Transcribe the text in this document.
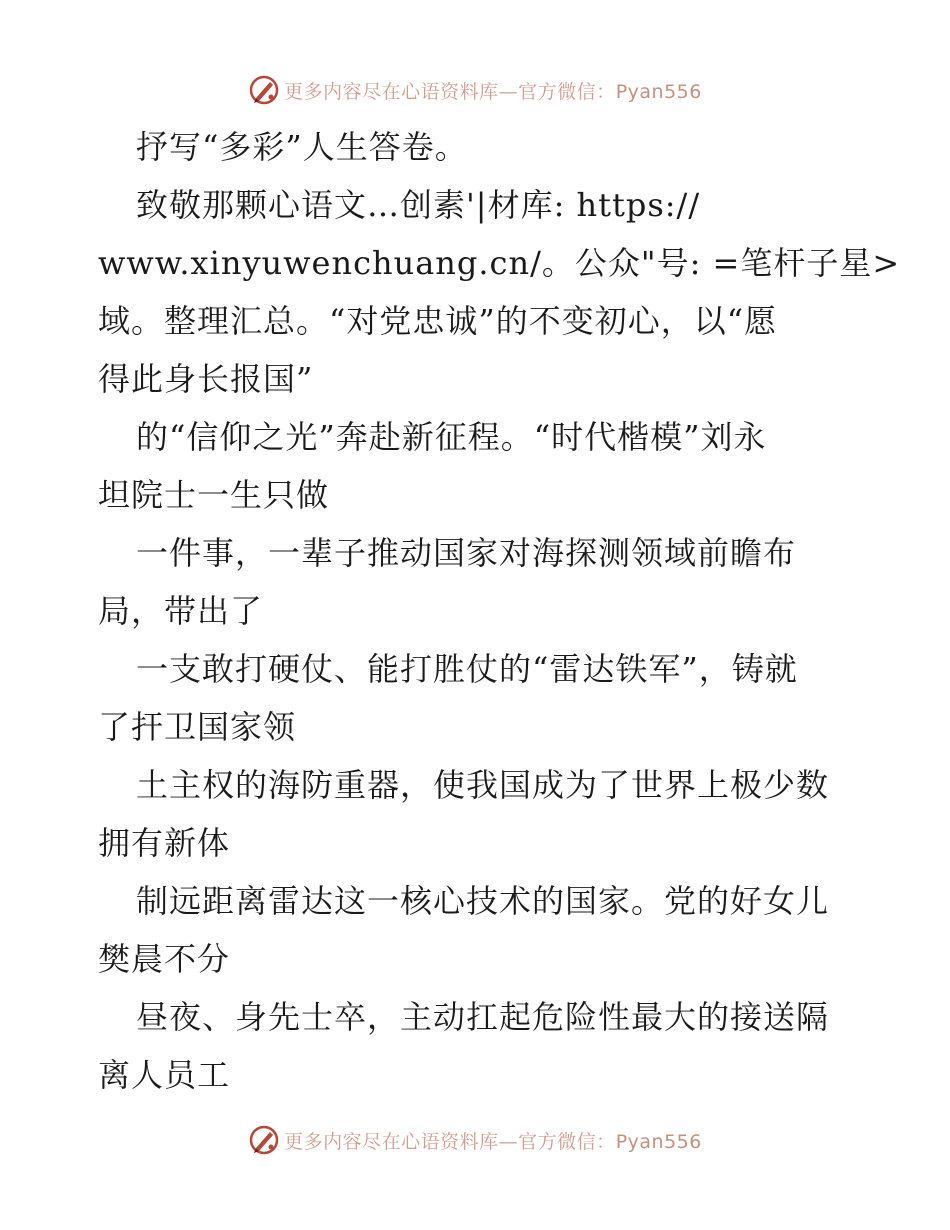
更多内容尽在心语资料库—官方微信：Pyan556
抒写“多彩”人生答卷。
致敬那颗心语文…创素'|材库: https://
www.xinyuwenchuang.cn/。公众"号: =笔杆子星>
域。整理汇总。“对党忠诚”的不变初心，以“愿
得此身长报国”
的“信仰之光”奔赴新征程。“时代楷模”刘永
坦院士一生只做
一件事，一辈子推动国家对海探测领域前瞻布
局，带出了
一支敢打硬仗、能打胜仗的“雷达铁军”，铸就
了扞卫国家领
土主权的海防重器，使我国成为了世界上极少数
拥有新体
制远距离雷达这一核心技术的国家。党的好女儿
樊晨不分
昼夜、身先士卒，主动扛起危险性最大的接送隔
离人员工
更多内容尽在心语资料库—官方微信：Pyan556
